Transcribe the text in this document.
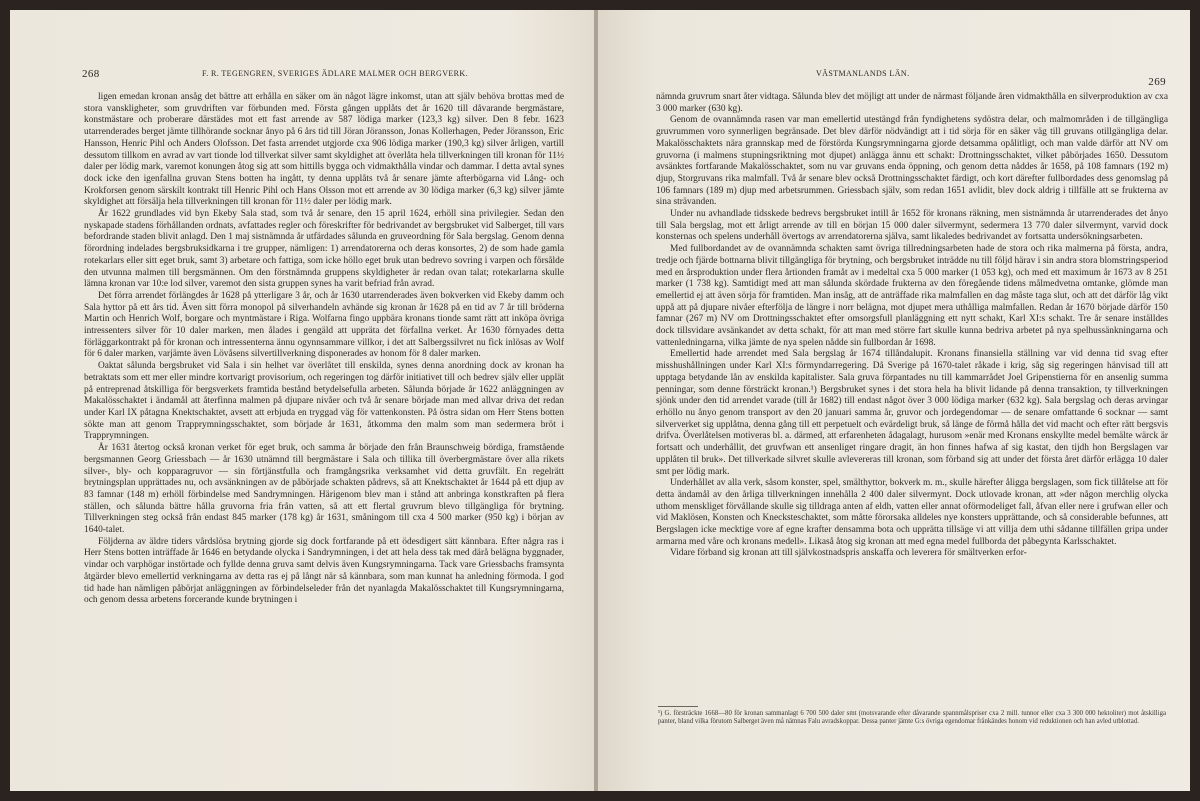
268	F. R. TEGENGREN, SVERIGES ÄDLARE MALMER OCH BERGVERK.

ligen emedan kronan ansåg det bättre att erhålla en säker om än något lägre inkomst, utan att själv behöva brottas med de stora vanskligheter, som gruvdriften var förbunden med. Första gången upplåts det år 1620 till dåvarande bergmästare, konstmästare och proberare därstädes mot ett fast arrende av 587 lödiga marker (123,3 kg) silver. Den 8 febr. 1623 utarrenderades berget jämte tillhörande socknar ånyo på 6 års tid till Jöran Jöransson, Jonas Kollerhagen, Peder Jöransson, Eric Hansson, Henric Pihl och Anders Olofsson. Det fasta arrendet utgjorde cxa 906 lödiga marker (190,3 kg) silver årligen, vartill dessutom tillkom en avrad av vart tionde lod tillverkat silver samt skyldighet att överlåta hela tillverkningen till kronan för 11½ daler per lödig mark, varemot konungen åtog sig att som hittills bygga och vidmakthålla vindar och dammar. I detta avtal synes dock icke den igenfallna gruvan Stens botten ha ingått, ty denna upplåts två år senare jämte afterbögarna vid Lång- och Krokforsen genom särskilt kontrakt till Henric Pihl och Hans Olsson mot ett arrende av 30 lödiga marker (6,3 kg) silver jämte skyldighet att försälja hela tillverkningen till kronan för 11½ daler per lödig mark.

År 1622 grundlades vid byn Ekeby Sala stad, som två år senare, den 15 april 1624, erhöll sina privilegier. Sedan den nyskapade stadens förhållanden ordnats, avfattades regler och föreskrifter för bedrivandet av bergsbruket vid Salberget, till vars befordrande staden blivit anlagd. Den 1 maj sistnämnda år utfärdades sålunda en gruveordning för Sala bergslag. Genom denna förordning indelades bergsbruksidkarna i tre grupper, nämligen: 1) arrendatorerna och deras konsortes, 2) de som hade gamla rotekarlars eller sitt eget bruk, samt 3) arbetare och fattiga, som icke höllo eget bruk utan bedrevo sovring i varpen och försålde den utvunna malmen till bergsmännen. Om den förstnämnda gruppens skyldigheter är redan ovan talat; rotekarlarna skulle lämna kronan var 10:e lod silver, varemot den sista gruppen synes ha varit befriad från avrad.

Det förra arrendet förlängdes år 1628 på ytterligare 3 år, och år 1630 utarrenderades även bokverken vid Ekeby damm och Sala hyttor på ett års tid. Även sitt förra monopol på silverhandeln avhände sig kronan år 1628 på en tid av 7 år till bröderna Martin och Henrich Wolf, borgare och myntmästare i Riga. Wolfarna fingo uppbära kronans tionde samt rätt att inköpa övriga intressenters silver för 10 daler marken, men ålades i gengäld att uppräta det förfallna verket. År 1630 förnyades detta förläggarkontrakt på för kronan och intressenterna ännu ogynnsammare villkor, i det att Salbergssilvret nu fick inlösas av Wolf för 6 daler marken, varjämte även Lövåsens silvertillverkning disponerades av honom för 8 daler marken.

Oaktat sålunda bergsbruket vid Sala i sin helhet var överlåtet till enskilda, synes denna anordning dock av kronan ha betraktats som ett mer eller mindre kortvarigt provisorium, och regeringen tog därför initiativet till och bedrev själv eller upplät på entreprenad åtskilliga för bergsverkets framtida bestånd betydelsefulla arbeten. Sålunda började år 1622 anläggningen av Makalösschaktet i ändamål att återfinna malmen på djupare nivåer och två år senare började man med allvar driva det redan under Karl IX påtagna Knektschaktet, avsett att erbjuda en tryggad väg för vattenkonsten. På östra sidan om Herr Stens botten sökte man att genom Trapprymningsschaktet, som började år 1631, åtkomma den malm som man sedermera bröt i Trapprymningen.

År 1631 återtog också kronan verket för eget bruk, och samma år började den från Braunschweig bördiga, framstående bergsmannen Georg Griessbach — år 1630 utnämnd till bergmästare i Sala och tillika till överbergmästare över alla rikets silver-, bly- och kopparagruvor — sin förtjänstfulla och framgångsrika verksamhet vid detta gruvfält. En regelrätt brytningsplan upprättades nu, och avsänkningen av de påbörjade schakten pådrevs, så att Knektschaktet år 1644 på ett djup av 83 famnar (148 m) erhöll förbindelse med Sandrymningen. Härigenom blev man i stånd att anbringa konstkraften på flera ställen, och sålunda bättre hålla gruvorna fria från vatten, så att ett flertal gruvrum blevo tillgängliga för brytning. Tillverkningen steg också från endast 845 marker (178 kg) år 1631, småningom till cxa 4 500 marker (950 kg) i början av 1640-talet.

Följderna av äldre tiders vårdslösa brytning gjorde sig dock fortfarande på ett ödesdigert sätt kännbara. Efter några ras i Herr Stens botten inträffade år 1646 en betydande olycka i Sandrymningen, i det att hela dess tak med därå belägna byggnader, vindar och varphögar instörtade och fyllde denna gruva samt delvis även Kungsrymningarna. Tack vare Griessbachs framsynta åtgärder blevo emellertid verkningarna av detta ras ej på långt när så kännbara, som man kunnat ha anledning förmoda. I god tid hade han nämligen påbörjat anläggningen av förbindelseleder från det nyanlagda Makalösschaktet till Kungsrymningarna, och genom dessa arbetens forcerande kunde brytningen i

VÄSTMANLANDS LÄN.
269

nämnda gruvrum snart åter vidtaga. Sålunda blev det möjligt att under de närmast följande åren vidmakthålla en silverproduktion av cxa 3 000 marker (630 kg).

Genom de ovannämnda rasen var man emellertid utestängd från fyndighetens sydöstra delar, och malmområden i de tillgängliga gruvrummen voro synnerligen begränsade. Det blev därför nödvändigt att i tid sörja för en säker väg till gruvans otillgängliga delar. Makalösschaktets nära grannskap med de förstörda Kungsrymningarna gjorde detsamma opålitligt, och man valde därför att NV om gruvorna (i malmens stupningsriktning mot djupet) anlägga ännu ett schakt: Drottningsschaktet, vilket påbörjades 1650. Dessutom avsänktes fortfarande Makalösschaktet, som nu var gruvans enda öppning, och genom detta nåddes år 1658, på 108 famnars (192 m) djup, Storgruvans rika malmfall. Två år senare blev också Drottningsschaktet färdigt, och kort därefter fullbordades dess genomslag på 106 famnars (189 m) djup med arbetsrummen. Griessbach själv, som redan 1651 avlidit, blev dock aldrig i tillfälle att se frukterna av sina strävanden.

Under nu avhandlade tidsskede bedrevs bergsbruket intill år 1652 för kronans räkning, men sistnämnda år utarrenderades det ånyo till Sala bergslag, mot ett årligt arrende av till en början 15 000 daler silvermynt, sedermera 13 770 daler silvermynt, varvid dock konsternas och spelens underhåll övertogs av arrendatorerna själva, samt likaledes bedrivandet av fortsatta undersökningsarbeten.

Med fullbordandet av de ovannämnda schakten samt övriga tillredningsarbeten hade de stora och rika malmerna på första, andra, tredje och fjärde bottnarna blivit tillgängliga för brytning, och bergsbruket inträdde nu till följd härav i sin andra stora blomstringsperiod med en årsproduktion under flera årtionden framåt av i medeltal cxa 5 000 marker (1 053 kg), och med ett maximum år 1673 av 8 251 marker (1 738 kg). Samtidigt med att man sålunda skördade frukterna av den föregående tidens målmedvetna omtanke, glömde man emellertid ej att även sörja för framtiden. Man insåg, att de anträffade rika malmfallen en dag måste taga slut, och att det därför låg vikt uppå att på djupare nivåer efterfölja de längre i norr belägna, mot djupet mera uthålliga malmfallen. Redan år 1670 började därför 150 famnar (267 m) NV om Drottningsschaktet efter omsorgsfull planläggning ett nytt schakt, Karl XI:s schakt. Tre år senare inställdes dock tillsvidare avsänkandet av detta schakt, för att man med större fart skulle kunna bedriva arbetet på nya spelhussänkningarna och vattenledningarna, vilka jämte de nya spelen nådde sin fullbordan år 1698.

Emellertid hade arrendet med Sala bergslag år 1674 tillåndalupit. Kronans finansiella ställning var vid denna tid svag efter misshushållningen under Karl XI:s förmyndarregering. Då Sverige på 1670-talet råkade i krig, såg sig regeringen hänvisad till att upptaga betydande lån av enskilda kapitalister. Sala gruva förpantades nu till kammarrådet Joel Gripenstierna för en ansenlig summa penningar, som denne försträckt kronan.¹) Bergsbruket synes i det stora hela ha blivit lidande på denna transaktion, ty tillverkningen sjönk under den tid arrendet varade (till år 1682) till endast något över 3 000 lödiga marker (632 kg). Sala bergslag och deras arvingar erhöllo nu ånyo genom transport av den 20 januari samma år, gruvor och jordegendomar — de senare omfattande 6 socknar — samt silververket sig upplåtna, denna gång till ett perpetuelt och evärdeligt bruk, så länge de förmå hålla det vid macht och efter rätt bergsvis drifva. Överlåtelsen motiveras bl. a. därmed, att erfarenheten ådagalagt, hurusom »enär med Kronans enskyllte medel bemälte wärck är fortsatt och underhållit, det gruvfwan ett ansenliget ringare dragit, än hon finnes hafwa af sig kastat, den tijdh hon Bergslagen var upplåten til bruk». Det tillverkade silvret skulle avlevereras till kronan, som förband sig att under det första året därför erlägga 10 daler smt per lödig mark.

Underhållet av alla verk, såsom konster, spel, smälthyttor, bokverk m. m., skulle härefter åligga bergslagen, som fick tillåtelse att för detta ändamål av den årliga tillverkningen innehålla 2 400 daler silvermynt. Dock utlovade kronan, att »der någon merchlig olycka uthom menskliget förvållande skulle sig tilldraga anten af eldh, vatten eller annat oförmodeliget fall, åfvan eller nere i grufwan eller och vid Maklösen, Konsten och Knecksteschaktet, som måtte förorsaka alldeles nye konsters upprättande, och så considerable befunnes, att Bergslagen icke mecktige vore af egne krafter densamma bota och upprätta tillsäge vi att villja dem uthi sådanne tillfällen gripa under armarna med våre och kronans medell». Likaså åtog sig kronan att med egna medel fullborda det påbegynta Karlsschaktet.

Vidare förband sig kronan att till självkostnadspris anskaffa och leverera för smältverken erfor-

¹) G. försträckte 1668—80 för kronan sammanlagt 6 700 500 daler smt (motsvarande efter dåvarande spannmålspriser cxa 2 mill. tunnor eller cxa 3 300 000 hektoliter) mot åtskilliga panter, bland vilka förutom Salberget även må nämnas Falu avradskoppar. Dessa panter jämte G:s övriga egendomar frånkändes honom vid reduktionen och han avled utblottad.
